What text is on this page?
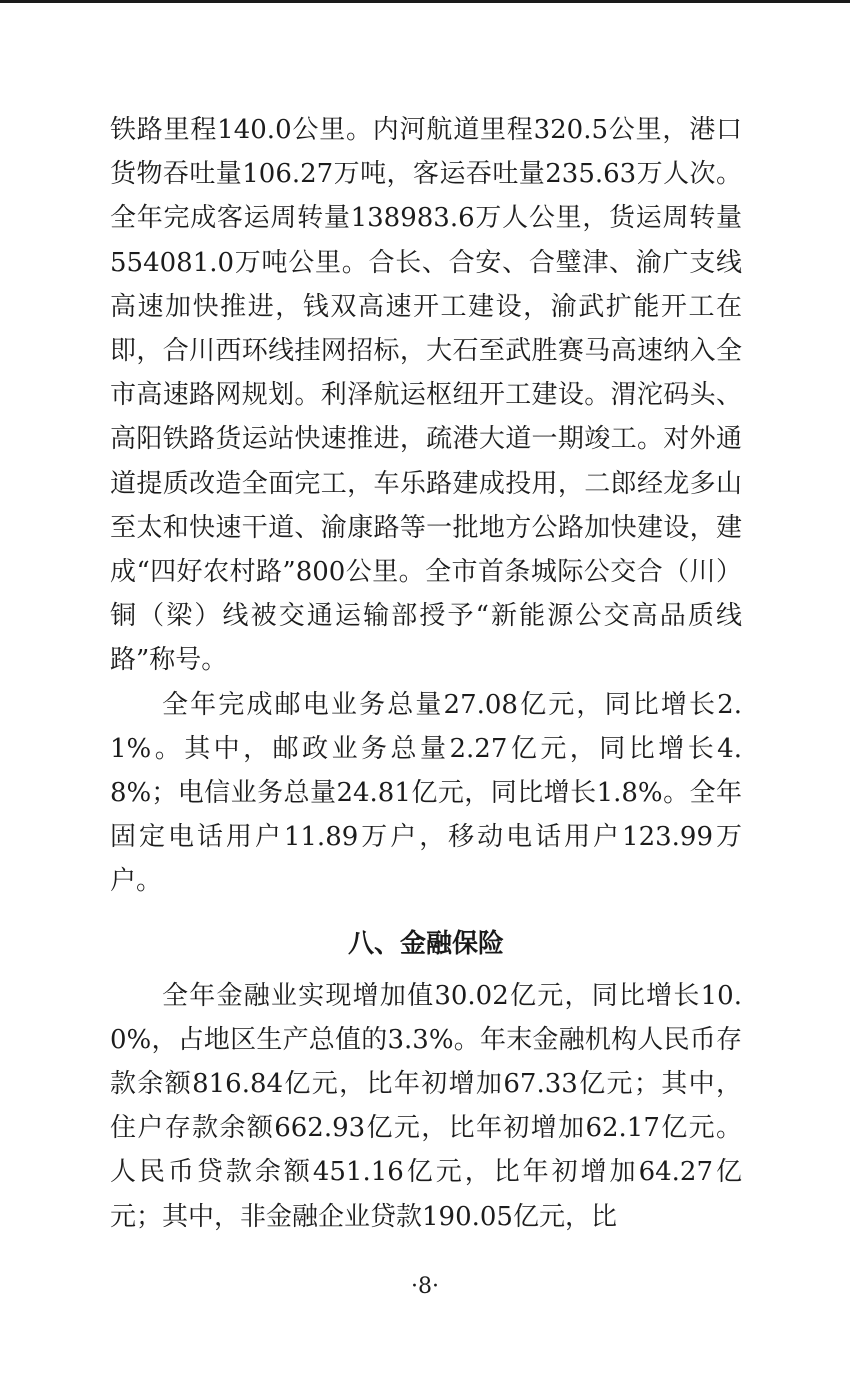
铁路里程140.0公里。内河航道里程320.5公里，港口货物吞吐量106.27万吨，客运吞吐量235.63万人次。全年完成客运周转量138983.6万人公里，货运周转量554081.0万吨公里。合长、合安、合璧津、渝广支线高速加快推进，钱双高速开工建设，渝武扩能开工在即，合川西环线挂网招标，大石至武胜赛马高速纳入全市高速路网规划。利泽航运枢纽开工建设。渭沱码头、高阳铁路货运站快速推进，疏港大道一期竣工。对外通道提质改造全面完工，车乐路建成投用，二郎经龙多山至太和快速干道、渝康路等一批地方公路加快建设，建成“四好农村路”800公里。全市首条城际公交合（川）铜（梁）线被交通运输部授予“新能源公交高品质线路”称号。

全年完成邮电业务总量27.08亿元，同比增长2.1%。其中，邮政业务总量2.27亿元，同比增长4.8%；电信业务总量24.81亿元，同比增长1.8%。全年固定电话用户11.89万户，移动电话用户123.99万户。

八、金融保险

全年金融业实现增加值30.02亿元，同比增长10.0%，占地区生产总值的3.3%。年末金融机构人民币存款余额816.84亿元，比年初增加67.33亿元；其中，住户存款余额662.93亿元，比年初增加62.17亿元。人民币贷款余额451.16亿元，比年初增加64.27亿元；其中，非金融企业贷款190.05亿元，比

·8·
